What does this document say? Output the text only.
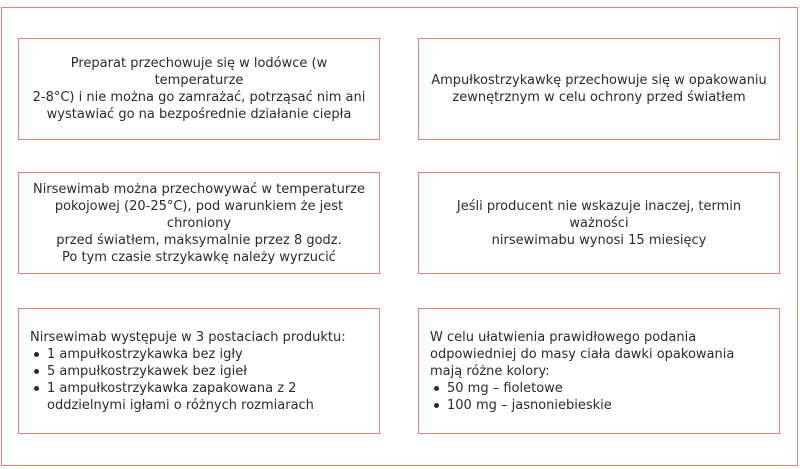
Preparat przechowuje się w lodówce (w temperaturze
2-8°C) i nie można go zamrażać, potrząsać nim ani
wystawiać go na bezpośrednie działanie ciepła
Ampułkostrzykawkę przechowuje się w opakowaniu
zewnętrznym w celu ochrony przed światłem
Nirsewimab można przechowywać w temperaturze
pokojowej (20-25°C), pod warunkiem że jest chroniony
przed światłem, maksymalnie przez 8 godz.
Po tym czasie strzykawkę należy wyrzucić
Jeśli producent nie wskazuje inaczej, termin ważności
nirsewimabu wynosi 15 miesięcy
Nirsewimab występuje w 3 postaciach produktu:
1 ampułkostrzykawka bez igły
5 ampułkostrzykawek bez igieł
1 ampułkostrzykawka zapakowana z 2 oddzielnymi igłami o różnych rozmiarach
W celu ułatwienia prawidłowego podania odpowiedniej do masy ciała dawki opakowania mają różne kolory:
50 mg – fioletowe
100 mg – jasnoniebieskie
